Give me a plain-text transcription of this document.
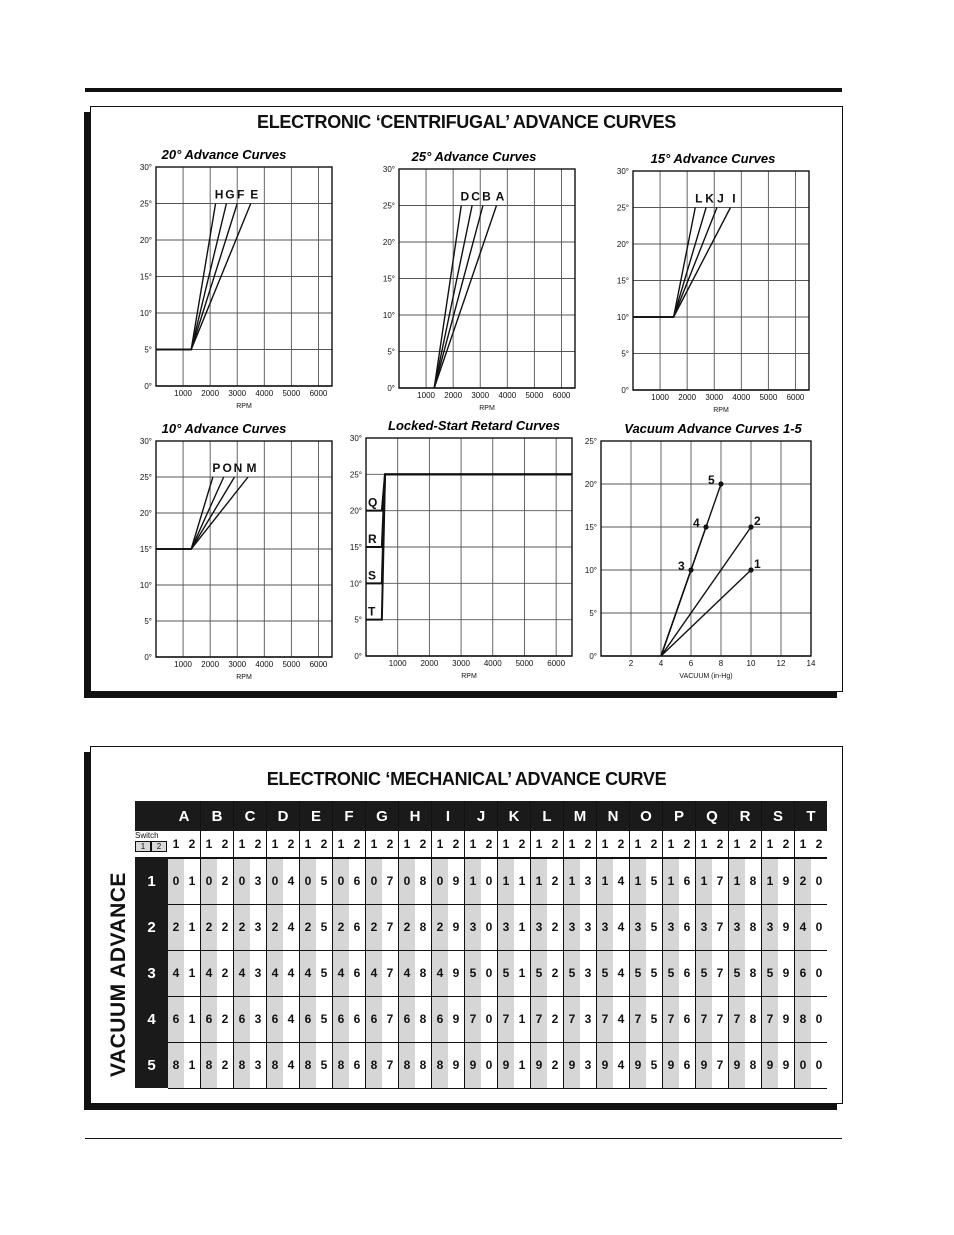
ELECTRONIC ‘CENTRIFUGAL’ ADVANCE CURVES
20° Advance Curves
0°
5°
10°
15°
20°
25°
30°
1000 2000 3000 4000 5000 6000
RPM
H G F E
25° Advance Curves
0°
5°
10°
15°
20°
25°
30°
1000 2000 3000 4000 5000 6000
RPM
D C B A
15° Advance Curves
0°
5°
10°
15°
20°
25°
30°
1000 2000 3000 4000 5000 6000
RPM
L K J I
10° Advance Curves
0°
5°
10°
15°
20°
25°
30°
1000 2000 3000 4000 5000 6000
RPM
P O N M
Locked-Start Retard Curves
0°
5°
10°
15°
20°
25°
30°
1000 2000 3000 4000 5000 6000
RPM
Q
R
S
T
Vacuum Advance Curves 1-5
0°
5°
10°
15°
20°
25°
2	4	6	8	10	12	14
VACUUM (in-Hg)
1
2
3
4
5
ELECTRONIC ‘MECHANICAL’ ADVANCE CURVE
VACUUM ADVANCE
	A		B		C		D		E		F		G		H		I		J		K		L		M		N		O		P		Q		R		S		T	

Switch
1 2	1	2	1	2	1	2	1	2	1	2	1	2	1	2	1	2	1	2	1	2	1	2	1	2	1	2	1	2	1	2	1	2	1	2	1	2	1	2	1	2
1	0	1	0	2	0	3	0	4	0	5	0	6	0	7	0	8	0	9	1	0	1	1	1	2	1	3	1	4	1	5	1	6	1	7	1	8	1	9	2	0
2	2	1	2	2	2	3	2	4	2	5	2	6	2	7	2	8	2	9	3	0	3	1	3	2	3	3	3	4	3	5	3	6	3	7	3	8	3	9	4	0
3	4	1	4	2	4	3	4	4	4	5	4	6	4	7	4	8	4	9	5	0	5	1	5	2	5	3	5	4	5	5	5	6	5	7	5	8	5	9	6	0
4	6	1	6	2	6	3	6	4	6	5	6	6	6	7	6	8	6	9	7	0	7	1	7	2	7	3	7	4	7	5	7	6	7	7	7	8	7	9	8	0
5	8	1	8	2	8	3	8	4	8	5	8	6	8	7	8	8	8	9	9	0	9	1	9	2	9	3	9	4	9	5	9	6	9	7	9	8	9	9	0	0
